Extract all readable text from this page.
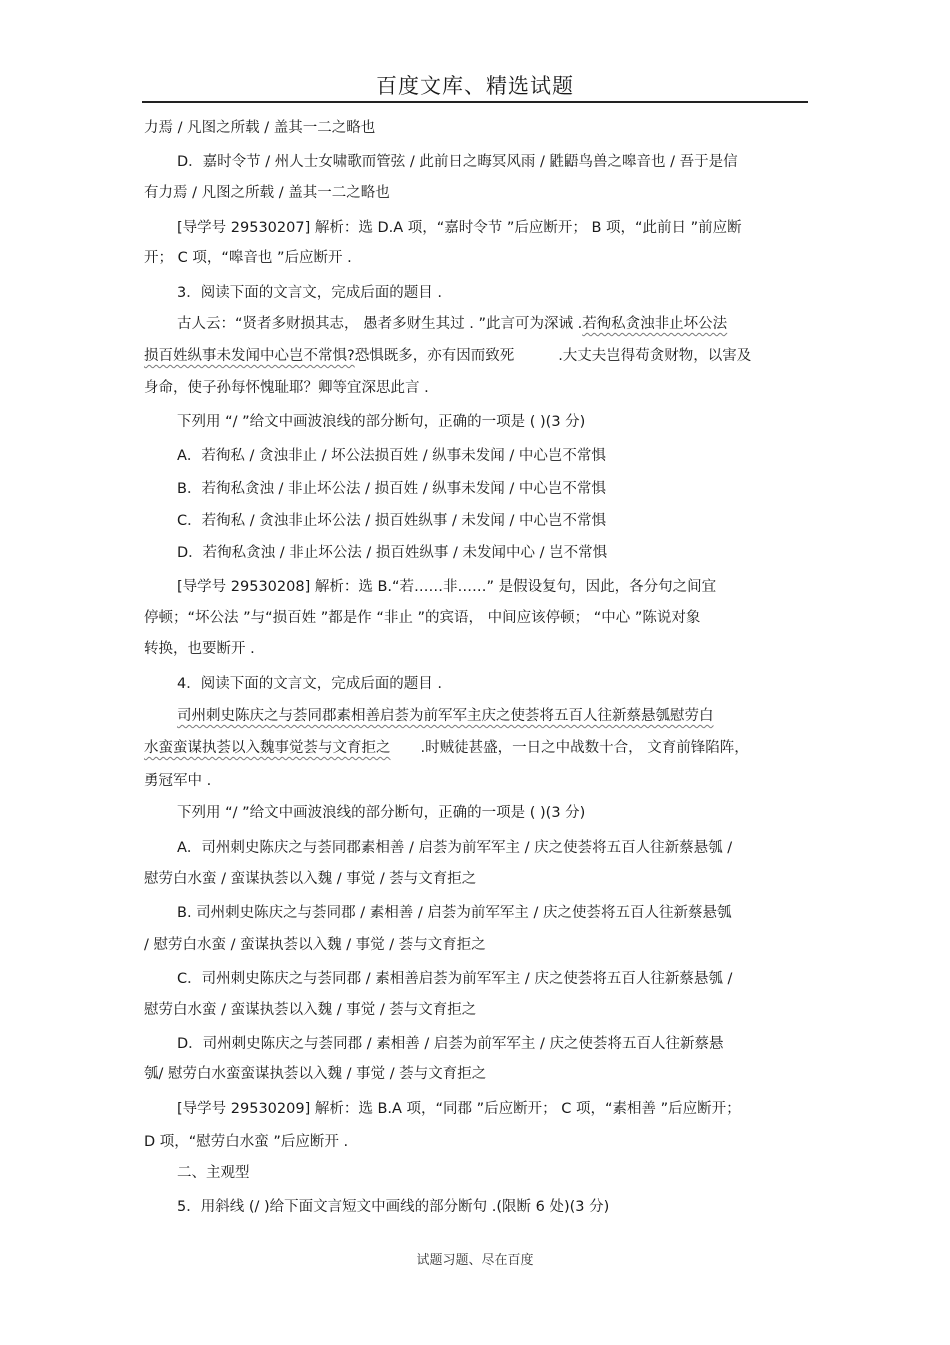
百度文库、精选试题
力焉 / 凡图之所载 / 盖其一二之略也
D．嘉时令节 / 州人士女啸歌而管弦 / 此前日之晦冥风雨 / 鼪鼯鸟兽之嗥音也 / 吾于是信
有力焉 / 凡图之所载 / 盖其一二之略也
[导学号 29530207] 解析：选 D.A 项，“嘉时令节 ”后应断开； B 项，“此前日 ”前应断
开； C 项，“嗥音也 ”后应断开 .
3．阅读下面的文言文，完成后面的题目 .
古人云：“贤者多财损其志， 愚者多财生其过 . ”此言可为深诫 .若徇私贪浊非止坏公法
损百姓纵事未发闻中心岂不常惧?恐惧既多，亦有因而致死	.大丈夫岂得苟贪财物，以害及
身命，使子孙每怀愧耻耶？卿等宜深思此言 .
下列用 “/ ”给文中画波浪线的部分断句，正确的一项是 ( )(3 分)
A．若徇私 / 贪浊非止 / 坏公法损百姓 / 纵事未发闻 / 中心岂不常惧
B．若徇私贪浊 / 非止坏公法 / 损百姓 / 纵事未发闻 / 中心岂不常惧
C．若徇私 / 贪浊非止坏公法 / 损百姓纵事 / 未发闻 / 中心岂不常惧
D．若徇私贪浊 / 非止坏公法 / 损百姓纵事 / 未发闻中心 / 岂不常惧
[导学号 29530208] 解析：选 B.“若……非……” 是假设复句，因此，各分句之间宜
停顿；“坏公法 ”与“损百姓 ”都是作 “非止 ”的宾语， 中间应该停顿； “中心 ”陈说对象
转换，也要断开 .
4．阅读下面的文言文，完成后面的题目 .
司州刺史陈庆之与荟同郡素相善启荟为前军军主庆之使荟将五百人往新蔡悬瓠慰劳白
水蛮蛮谋执荟以入魏事觉荟与文育拒之 .时贼徒甚盛，一日之中战数十合， 文育前锋陷阵，
勇冠军中 .
下列用 “/ ”给文中画波浪线的部分断句，正确的一项是 ( )(3 分)
A．司州刺史陈庆之与荟同郡素相善 / 启荟为前军军主 / 庆之使荟将五百人往新蔡悬瓠 /
慰劳白水蛮 / 蛮谋执荟以入魏 / 事觉 / 荟与文育拒之
B. 司州刺史陈庆之与荟同郡 / 素相善 / 启荟为前军军主 / 庆之使荟将五百人往新蔡悬瓠
/ 慰劳白水蛮 / 蛮谋执荟以入魏 / 事觉 / 荟与文育拒之
C．司州刺史陈庆之与荟同郡 / 素相善启荟为前军军主 / 庆之使荟将五百人往新蔡悬瓠 /
慰劳白水蛮 / 蛮谋执荟以入魏 / 事觉 / 荟与文育拒之
D．司州刺史陈庆之与荟同郡 / 素相善 / 启荟为前军军主 / 庆之使荟将五百人往新蔡悬
瓠/ 慰劳白水蛮蛮谋执荟以入魏 / 事觉 / 荟与文育拒之
[导学号 29530209] 解析：选 B.A 项，“同郡 ”后应断开； C 项，“素相善 ”后应断开；
D 项，“慰劳白水蛮 ”后应断开 .
二、主观型
5．用斜线 (/ )给下面文言短文中画线的部分断句 .(限断 6 处)(3 分)
试题习题、尽在百度
